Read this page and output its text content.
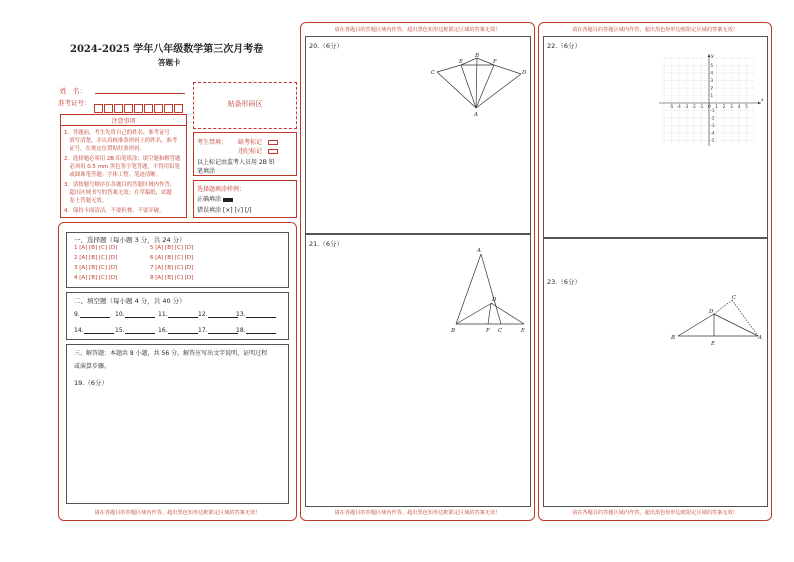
2024-2025 学年八年级数学第三次月考卷
答题卡
姓　名：
准考证号：	贴条形码区
注意事项
1．答题前，考生先将自己的姓名、准考证号
　填写清楚，并认真核准条形码上的姓名、准考
　证号，在规定位置贴好条形码。
2．选择题必须用 2B 铅笔填涂；填空题和解答题
　必须用 0.5 mm 黑色签字笔答题，不得用铅笔
　或圆珠笔答题；字体工整、笔迹清晰。
3．请按题号顺序在各题目的答题区域内作答，
　超出区域书写的答案无效；在草稿纸、试题
　卷上答题无效。
4．保持卡面清洁，不要折叠、不要弄破。
考生禁填： 缺考标记
违纪标记
以上标记由监考人员用 2B 铅
笔填涂
选择题填涂样例：
正确填涂
错误填涂 [×] [√] [/]
一、选择题（每小题 3 分，共 24 分）
1 [A] [B] [C] [D]
2 [A] [B] [C] [D]
3 [A] [B] [C] [D]
4 [A] [B] [C] [D]
5 [A] [B] [C] [D]
6 [A] [B] [C] [D]
7 [A] [B] [C] [D]
8 [A] [B] [C] [D]
二、填空题（每小题 4 分，共 40 分）
9.	10.	11.	12.	13.
14.	15.	16.	17.	18.
三、解答题：本题共 8 小题，共 56 分。解答应写出文字说明、证明过程
或演算步骤。
19.（6分）
请在各题目的答题区域内作答，超出黑色矩形边框限定区域的答案无效！
请在各题目的答题区域内作答，超出黑色矩形边框限定区域的答案无效！
20.（6分）
A
B
C	D
E	F
21.（6分）
A
B
D
F C	E
请在各题目的答题区域内作答，超出黑色矩形边框限定区域的答案无效！
请在各题目的答题区域内作答，超出黑色矩形边框限定区域的答案无效！
22.（6分）
-5 -4 -3 -2 -1 O 1 2 3 4 5
5
4
3
2
1
-1
-2
-3
-4
-5
x
y
23.（6分）
B
D
C
A
E
请在各题目的答题区域内作答，超出黑色矩形边框限定区域的答案无效！
